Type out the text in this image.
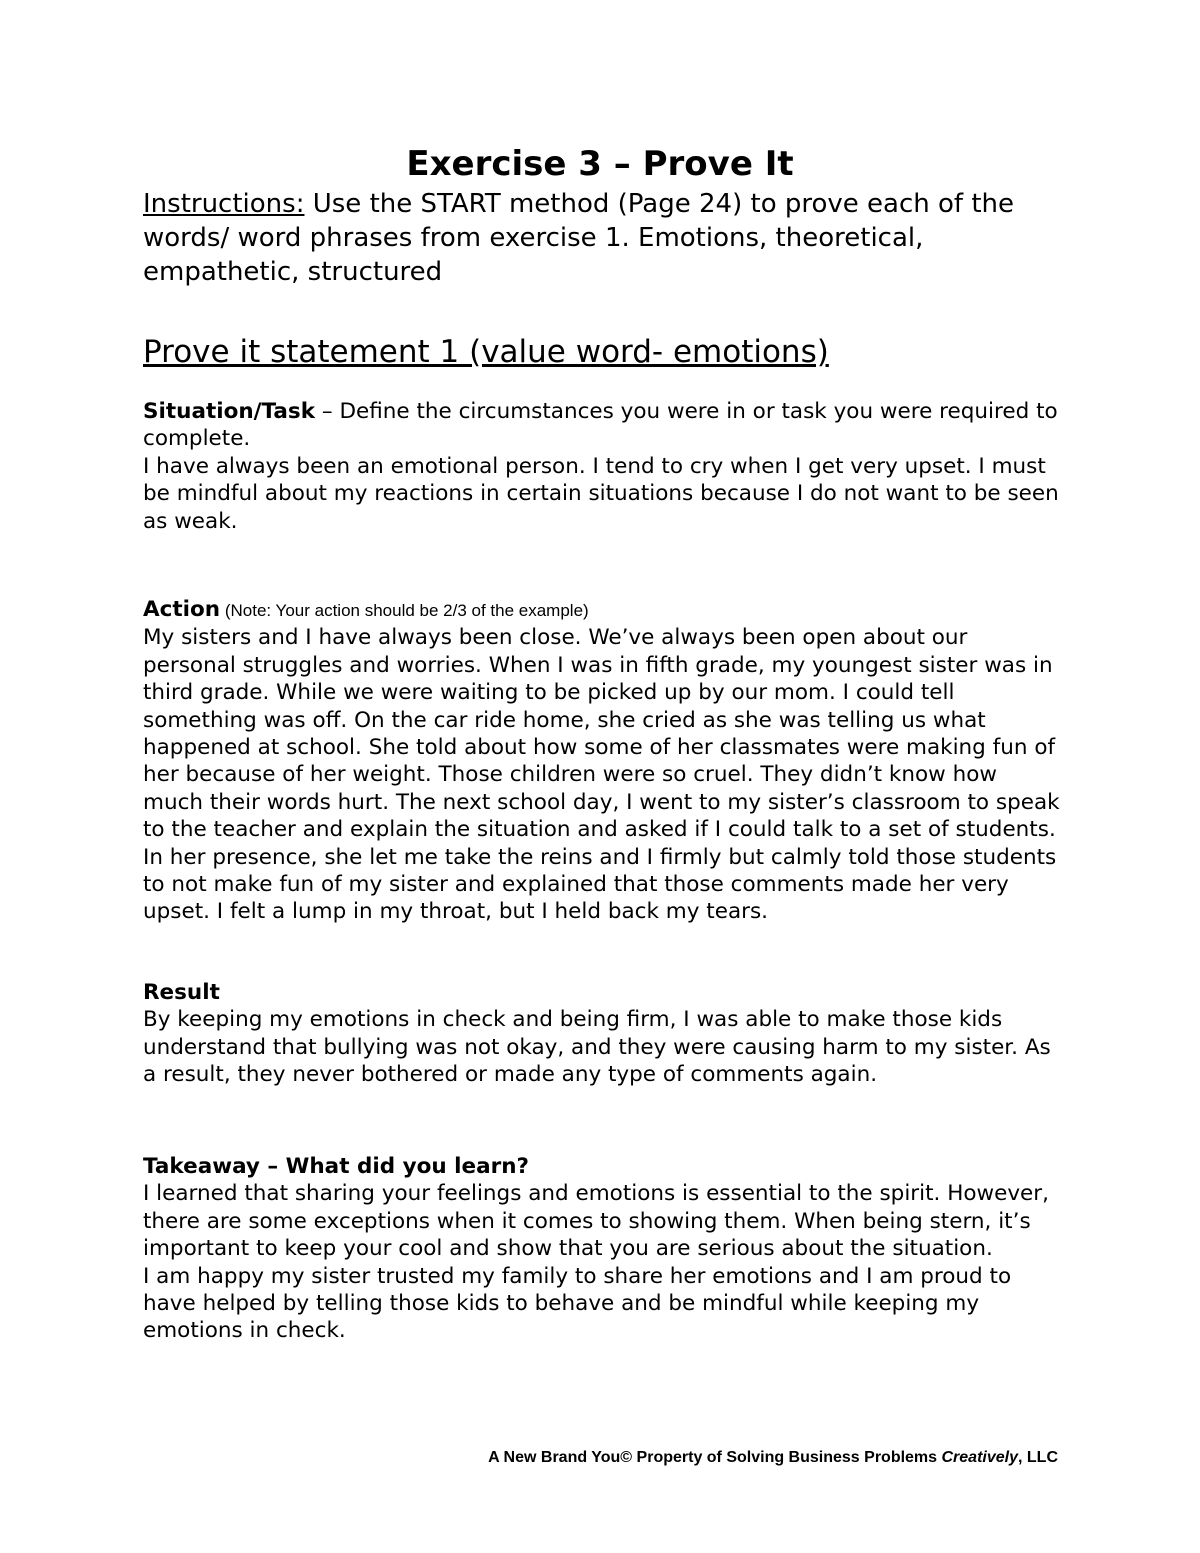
Exercise 3 – Prove It

Instructions: Use the START method (Page 24) to prove each of the words/ word phrases from exercise 1. Emotions, theoretical, empathetic, structured

Prove it statement 1 (value word- emotions)

Situation/Task – Define the circumstances you were in or task you were required to complete.

I have always been an emotional person. I tend to cry when I get very upset. I must be mindful about my reactions in certain situations because I do not want to be seen as weak.

Action (Note: Your action should be 2/3 of the example)

My sisters and I have always been close. We’ve always been open about our personal struggles and worries. When I was in fifth grade, my youngest sister was in third grade. While we were waiting to be picked up by our mom. I could tell something was off. On the car ride home, she cried as she was telling us what happened at school. She told about how some of her classmates were making fun of her because of her weight. Those children were so cruel. They didn’t know how much their words hurt. The next school day, I went to my sister’s classroom to speak to the teacher and explain the situation and asked if I could talk to a set of students. In her presence, she let me take the reins and I firmly but calmly told those students to not make fun of my sister and explained that those comments made her very upset. I felt a lump in my throat, but I held back my tears.

Result

By keeping my emotions in check and being firm, I was able to make those kids understand that bullying was not okay, and they were causing harm to my sister. As a result, they never bothered or made any type of comments again.

Takeaway – What did you learn?

I learned that sharing your feelings and emotions is essential to the spirit. However, there are some exceptions when it comes to showing them. When being stern, it’s important to keep your cool and show that you are serious about the situation.

I am happy my sister trusted my family to share her emotions and I am proud to have helped by telling those kids to behave and be mindful while keeping my emotions in check.

A New Brand You© Property of Solving Business Problems Creatively, LLC
